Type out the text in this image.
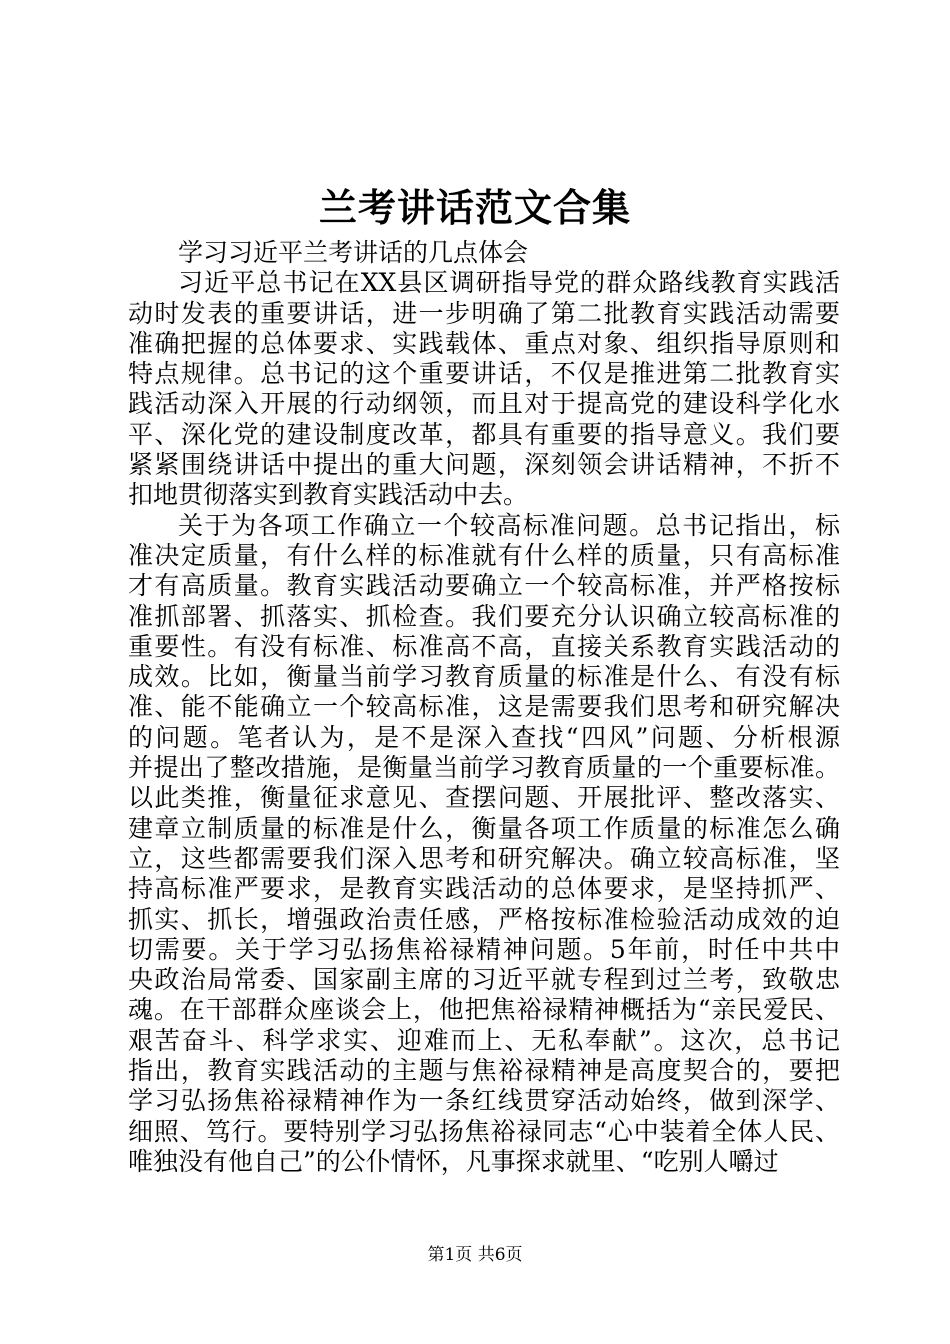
兰考讲话范文合集
学习习近平兰考讲话的几点体会
习近平总书记在XX县区调研指导党的群众路线教育实践活
动时发表的重要讲话，进一步明确了第二批教育实践活动需要
准确把握的总体要求、实践载体、重点对象、组织指导原则和
特点规律。总书记的这个重要讲话，不仅是推进第二批教育实
践活动深入开展的行动纲领，而且对于提高党的建设科学化水
平、深化党的建设制度改革，都具有重要的指导意义。我们要
紧紧围绕讲话中提出的重大问题，深刻领会讲话精神，不折不
扣地贯彻落实到教育实践活动中去。
关于为各项工作确立一个较高标准问题。总书记指出，标
准决定质量，有什么样的标准就有什么样的质量，只有高标准
才有高质量。教育实践活动要确立一个较高标准，并严格按标
准抓部署、抓落实、抓检查。我们要充分认识确立较高标准的
重要性。有没有标准、标准高不高，直接关系教育实践活动的
成效。比如，衡量当前学习教育质量的标准是什么、有没有标
准、能不能确立一个较高标准，这是需要我们思考和研究解决
的问题。笔者认为，是不是深入查找“四风”问题、分析根源
并提出了整改措施，是衡量当前学习教育质量的一个重要标准。
以此类推，衡量征求意见、查摆问题、开展批评、整改落实、
建章立制质量的标准是什么，衡量各项工作质量的标准怎么确
立，这些都需要我们深入思考和研究解决。确立较高标准，坚
持高标准严要求，是教育实践活动的总体要求，是坚持抓严、
抓实、抓长，增强政治责任感，严格按标准检验活动成效的迫
切需要。关于学习弘扬焦裕禄精神问题。5年前，时任中共中
央政治局常委、国家副主席的习近平就专程到过兰考，致敬忠
魂。在干部群众座谈会上，他把焦裕禄精神概括为“亲民爱民、
艰苦奋斗、科学求实、迎难而上、无私奉献”。这次，总书记
指出，教育实践活动的主题与焦裕禄精神是高度契合的，要把
学习弘扬焦裕禄精神作为一条红线贯穿活动始终，做到深学、
细照、笃行。要特别学习弘扬焦裕禄同志“心中装着全体人民、
唯独没有他自己”的公仆情怀，凡事探求就里、“吃别人嚼过
第1页 共6页
